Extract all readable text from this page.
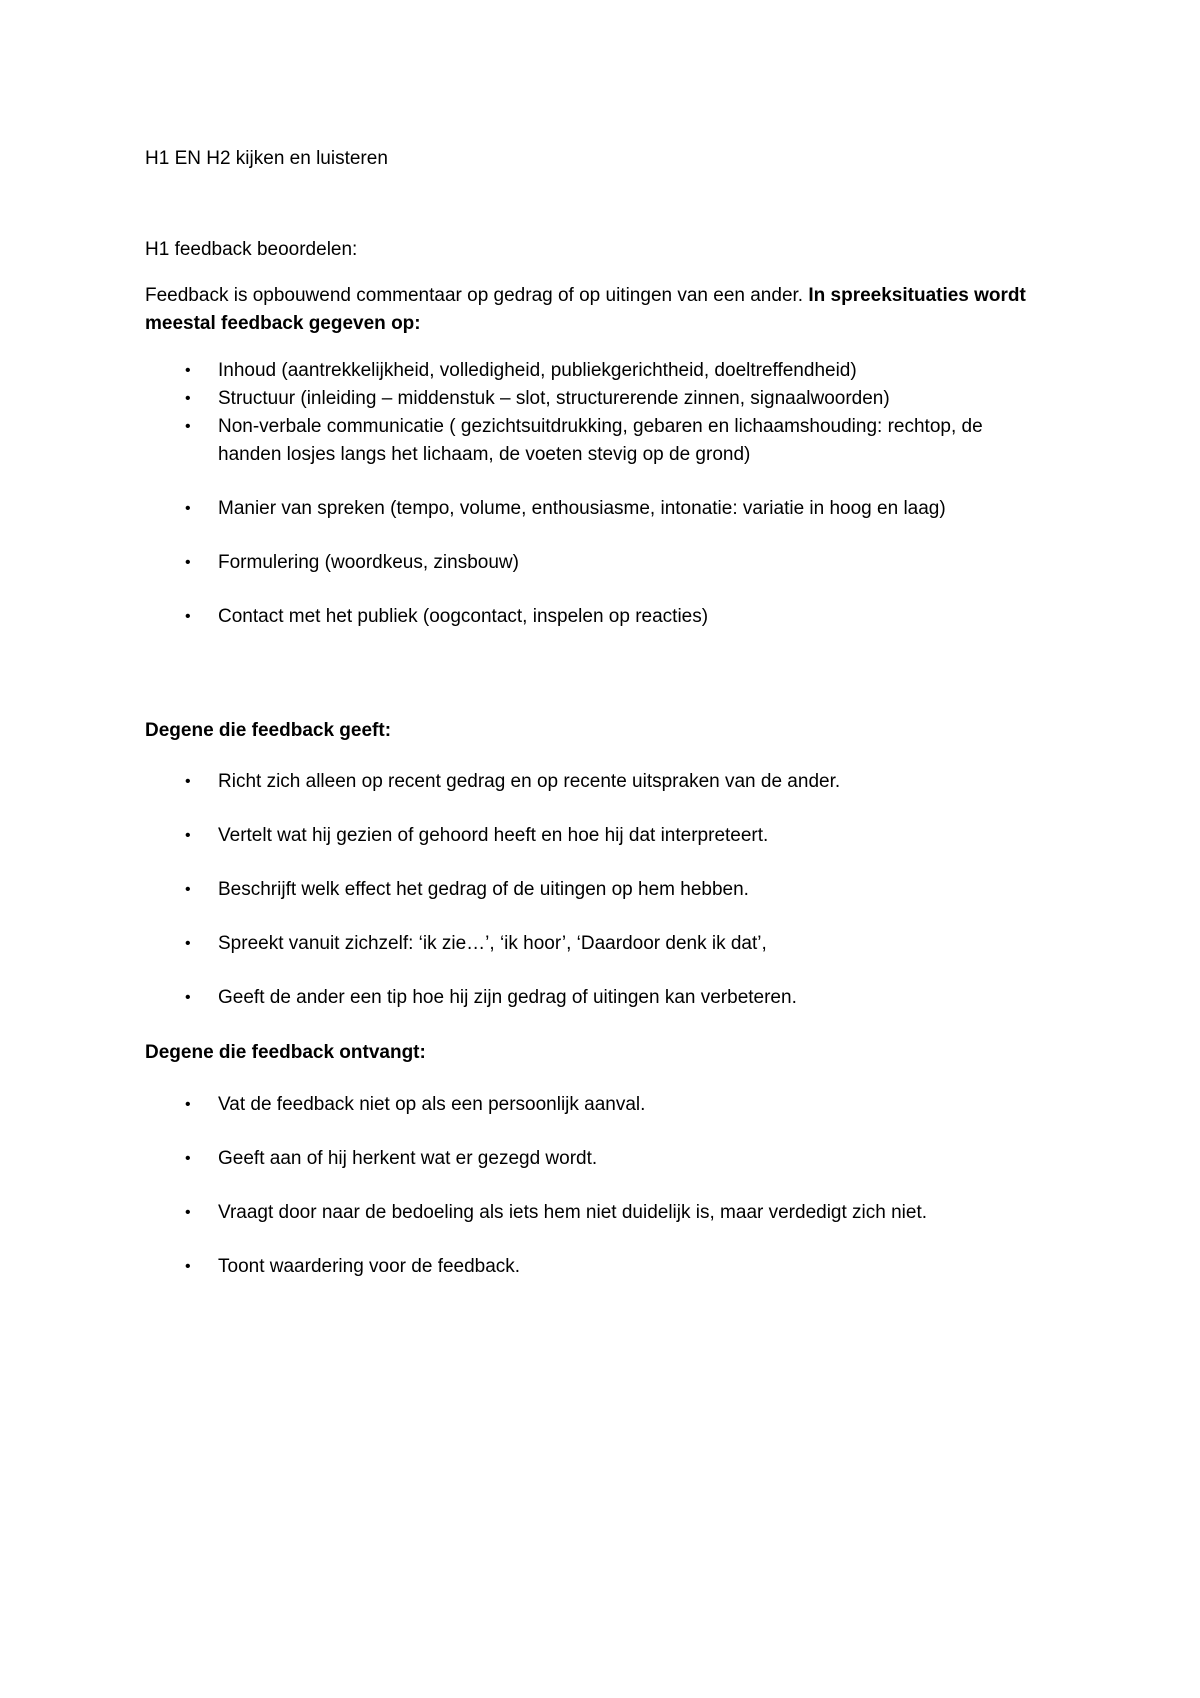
H1 EN H2 kijken en luisteren
H1 feedback beoordelen:

Feedback is opbouwend commentaar op gedrag of op uitingen van een ander. In spreeksituaties wordt meestal feedback gegeven op:

• Inhoud (aantrekkelijkheid, volledigheid, publiekgerichtheid, doeltreffendheid)
• Structuur (inleiding – middenstuk – slot, structurerende zinnen, signaalwoorden)
• Non-verbale communicatie ( gezichtsuitdrukking, gebaren en lichaamshouding: rechtop, de handen losjes langs het lichaam, de voeten stevig op de grond)
• Manier van spreken (tempo, volume, enthousiasme, intonatie: variatie in hoog en laag)
• Formulering (woordkeus, zinsbouw)
• Contact met het publiek (oogcontact, inspelen op reacties)
Degene die feedback geeft:
• Richt zich alleen op recent gedrag en op recente uitspraken van de ander.
• Vertelt wat hij gezien of gehoord heeft en hoe hij dat interpreteert.
• Beschrijft welk effect het gedrag of de uitingen op hem hebben.
• Spreekt vanuit zichzelf: ‘ik zie…’, ‘ik hoor’, ‘Daardoor denk ik dat’,
• Geeft de ander een tip hoe hij zijn gedrag of uitingen kan verbeteren.
Degene die feedback ontvangt:
• Vat de feedback niet op als een persoonlijk aanval.
• Geeft aan of hij herkent wat er gezegd wordt.
• Vraagt door naar de bedoeling als iets hem niet duidelijk is, maar verdedigt zich niet.
• Toont waardering voor de feedback.
